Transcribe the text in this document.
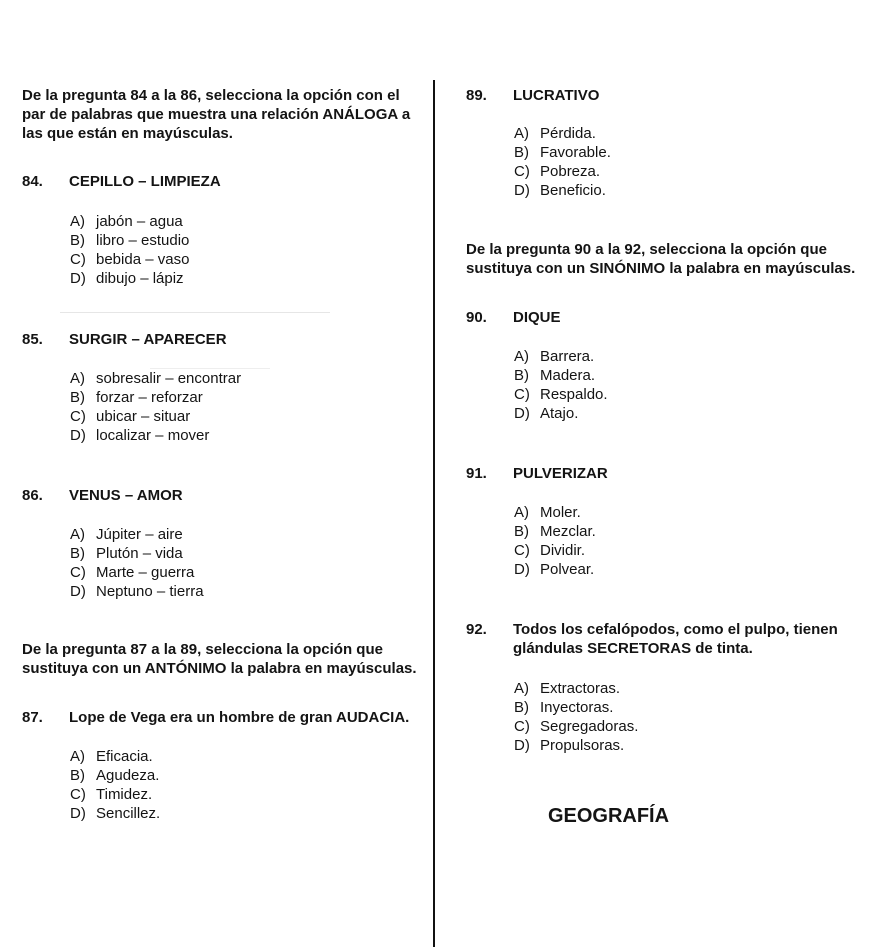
De la pregunta 84 a la 86, selecciona la opción con el par de palabras que muestra una relación ANÁLOGA a las que están en mayúsculas.
84.	CEPILLO – LIMPIEZA
A) jabón – agua
B) libro – estudio
C) bebida – vaso
D) dibujo – lápiz
85.	SURGIR – APARECER
A) sobresalir – encontrar
B) forzar – reforzar
C) ubicar – situar
D) localizar – mover
86.	VENUS – AMOR
A) Júpiter – aire
B) Plutón – vida
C) Marte – guerra
D) Neptuno – tierra
De la pregunta 87 a la 89, selecciona la opción que sustituya con un ANTÓNIMO la palabra en mayúsculas.
87.	Lope de Vega era un hombre de gran AUDACIA.
A) Eficacia.
B) Agudeza.
C) Timidez.
D) Sencillez.
89.	LUCRATIVO
A) Pérdida.
B) Favorable.
C) Pobreza.
D) Beneficio.
De la pregunta 90 a la 92, selecciona la opción que sustituya con un SINÓNIMO la palabra en mayúsculas.
90.	DIQUE
A) Barrera.
B) Madera.
C) Respaldo.
D) Atajo.
91.	PULVERIZAR
A) Moler.
B) Mezclar.
C) Dividir.
D) Polvear.
92.	Todos los cefalópodos, como el pulpo, tienen glándulas SECRETORAS de tinta.
A) Extractoras.
B) Inyectoras.
C) Segregadoras.
D) Propulsoras.
GEOGRAFÍA
